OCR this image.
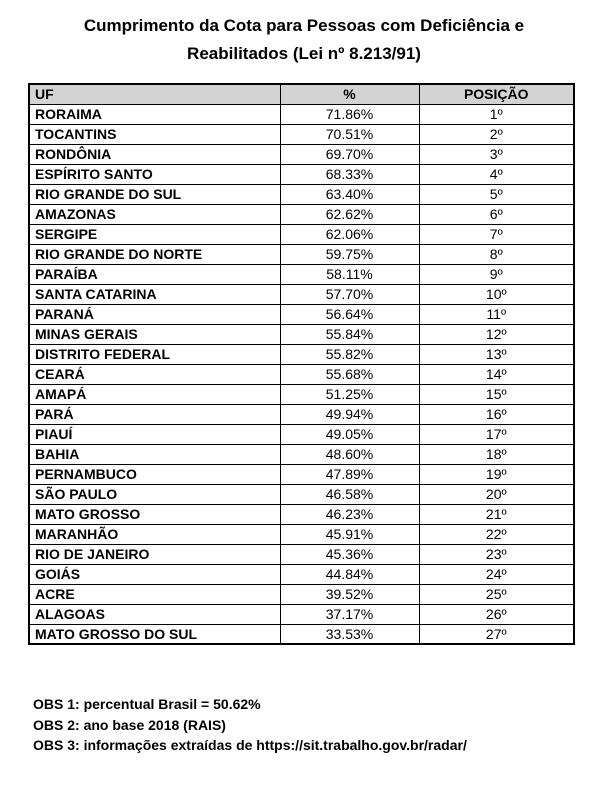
Cumprimento da Cota para Pessoas com Deficiência e
Reabilitados (Lei nº 8.213/91)
UF	%	POSIÇÃO
RORAIMA	71.86%	1º
TOCANTINS	70.51%	2º
RONDÔNIA	69.70%	3º
ESPÍRITO SANTO	68.33%	4º
RIO GRANDE DO SUL	63.40%	5º
AMAZONAS	62.62%	6º
SERGIPE	62.06%	7º
RIO GRANDE DO NORTE	59.75%	8º
PARAÍBA	58.11%	9º
SANTA CATARINA	57.70%	10º
PARANÁ	56.64%	11º
MINAS GERAIS	55.84%	12º
DISTRITO FEDERAL	55.82%	13º
CEARÁ	55.68%	14º
AMAPÁ	51.25%	15º
PARÁ	49.94%	16º
PIAUÍ	49.05%	17º
BAHIA	48.60%	18º
PERNAMBUCO	47.89%	19º
SÃO PAULO	46.58%	20º
MATO GROSSO	46.23%	21º
MARANHÃO	45.91%	22º
RIO DE JANEIRO	45.36%	23º
GOIÁS	44.84%	24º
ACRE	39.52%	25º
ALAGOAS	37.17%	26º
MATO GROSSO DO SUL	33.53%	27º
OBS 1: percentual Brasil = 50.62%
OBS 2: ano base 2018 (RAIS)
OBS 3: informações extraídas de https://sit.trabalho.gov.br/radar/
